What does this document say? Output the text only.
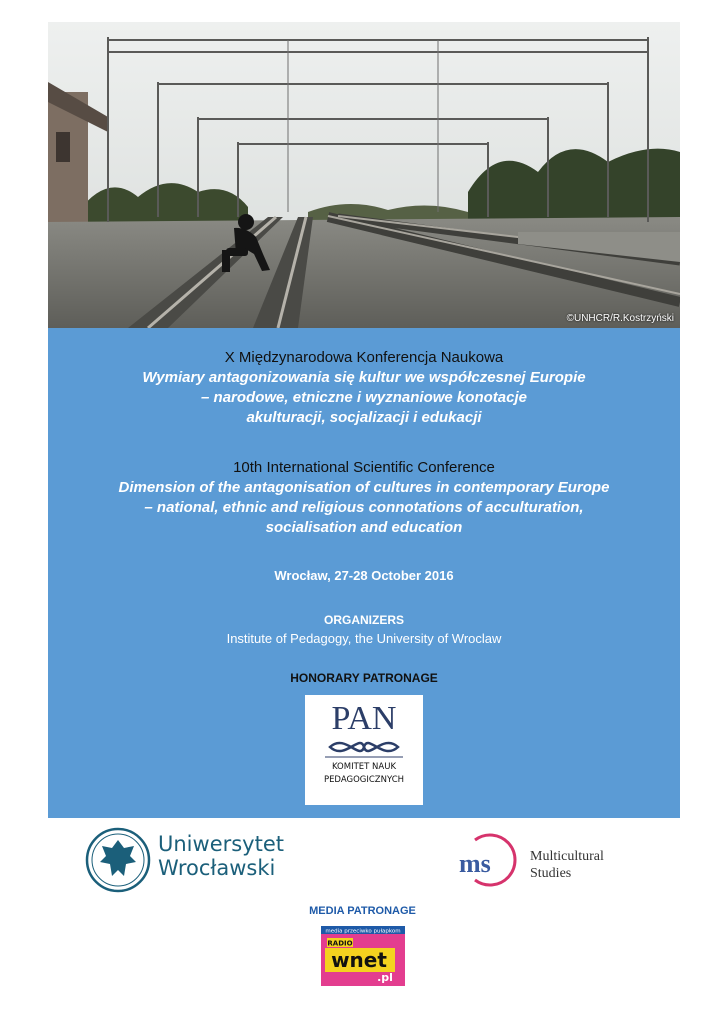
©UNHCR/R.Kostrzyński
X Międzynarodowa Konferencja Naukowa
Wymiary antagonizowania się kultur we współczesnej Europie
– narodowe, etniczne i wyznaniowe konotacje
akulturacji, socjalizacji i edukacji
10th International Scientific Conference
Dimension of the antagonisation of cultures in contemporary Europe
– national, ethnic and religious connotations of acculturation,
socialisation and education
Wrocław, 27-28 October 2016
ORGANIZERS
Institute of Pedagogy, the University of Wroclaw
HONORARY PATRONAGE
PAN
KOMITET NAUK
PEDAGOGICZNYCH
Uniwersytet
Wrocławski	ms	Multicultural
Studies
MEDIA PATRONAGE
media przeciwko pułapkom
RADIO
wnet
.pl
